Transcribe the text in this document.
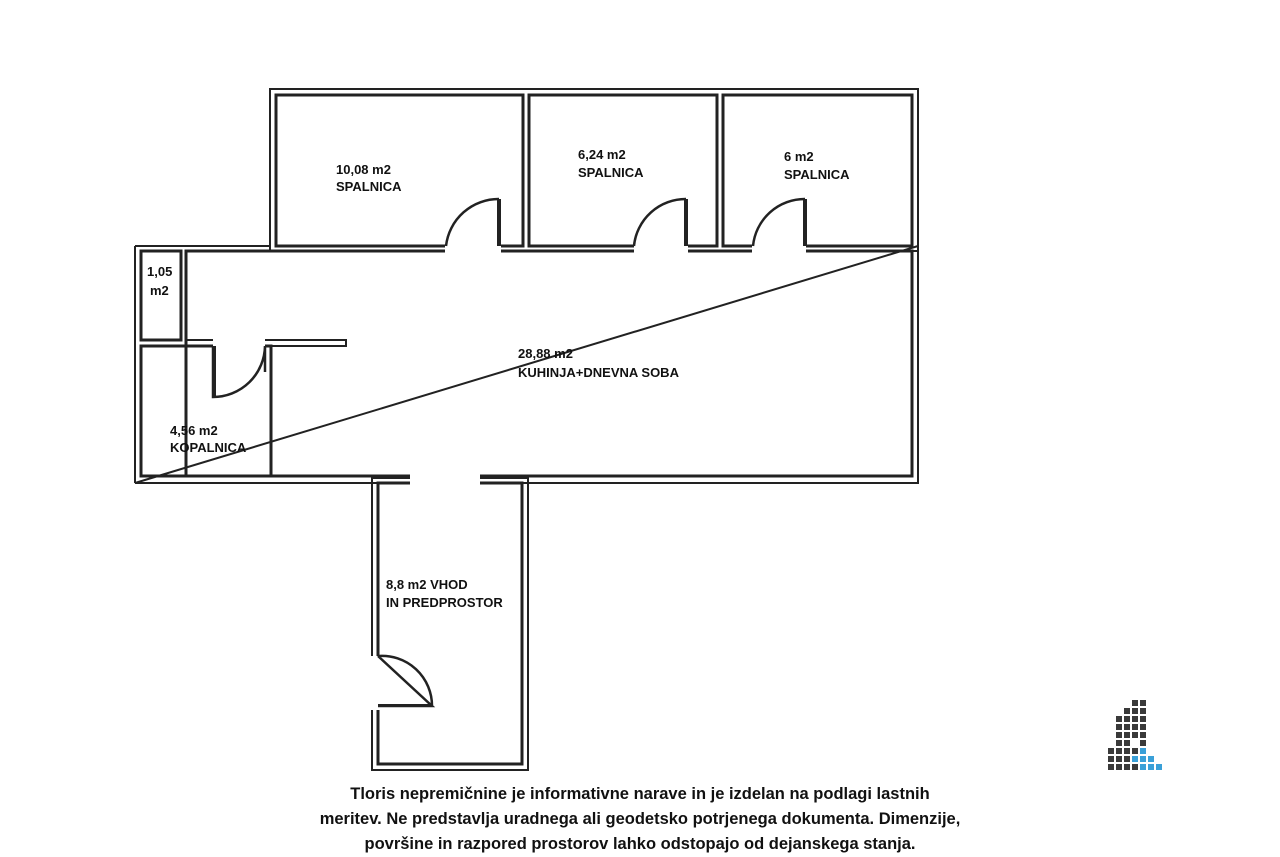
10,08 m2
SPALNICA
6,24 m2
SPALNICA
6 m2
SPALNICA
1,05
m2
28,88 m2
KUHINJA+DNEVNA SOBA
4,56 m2
KOPALNICA
8,8 m2 VHOD
IN PREDPROSTOR
Tloris nepremičnine je informativne narave in je izdelan na podlagi lastnih
meritev. Ne predstavlja uradnega ali geodetsko potrjenega dokumenta. Dimenzije,
površine in razpored prostorov lahko odstopajo od dejanskega stanja.
